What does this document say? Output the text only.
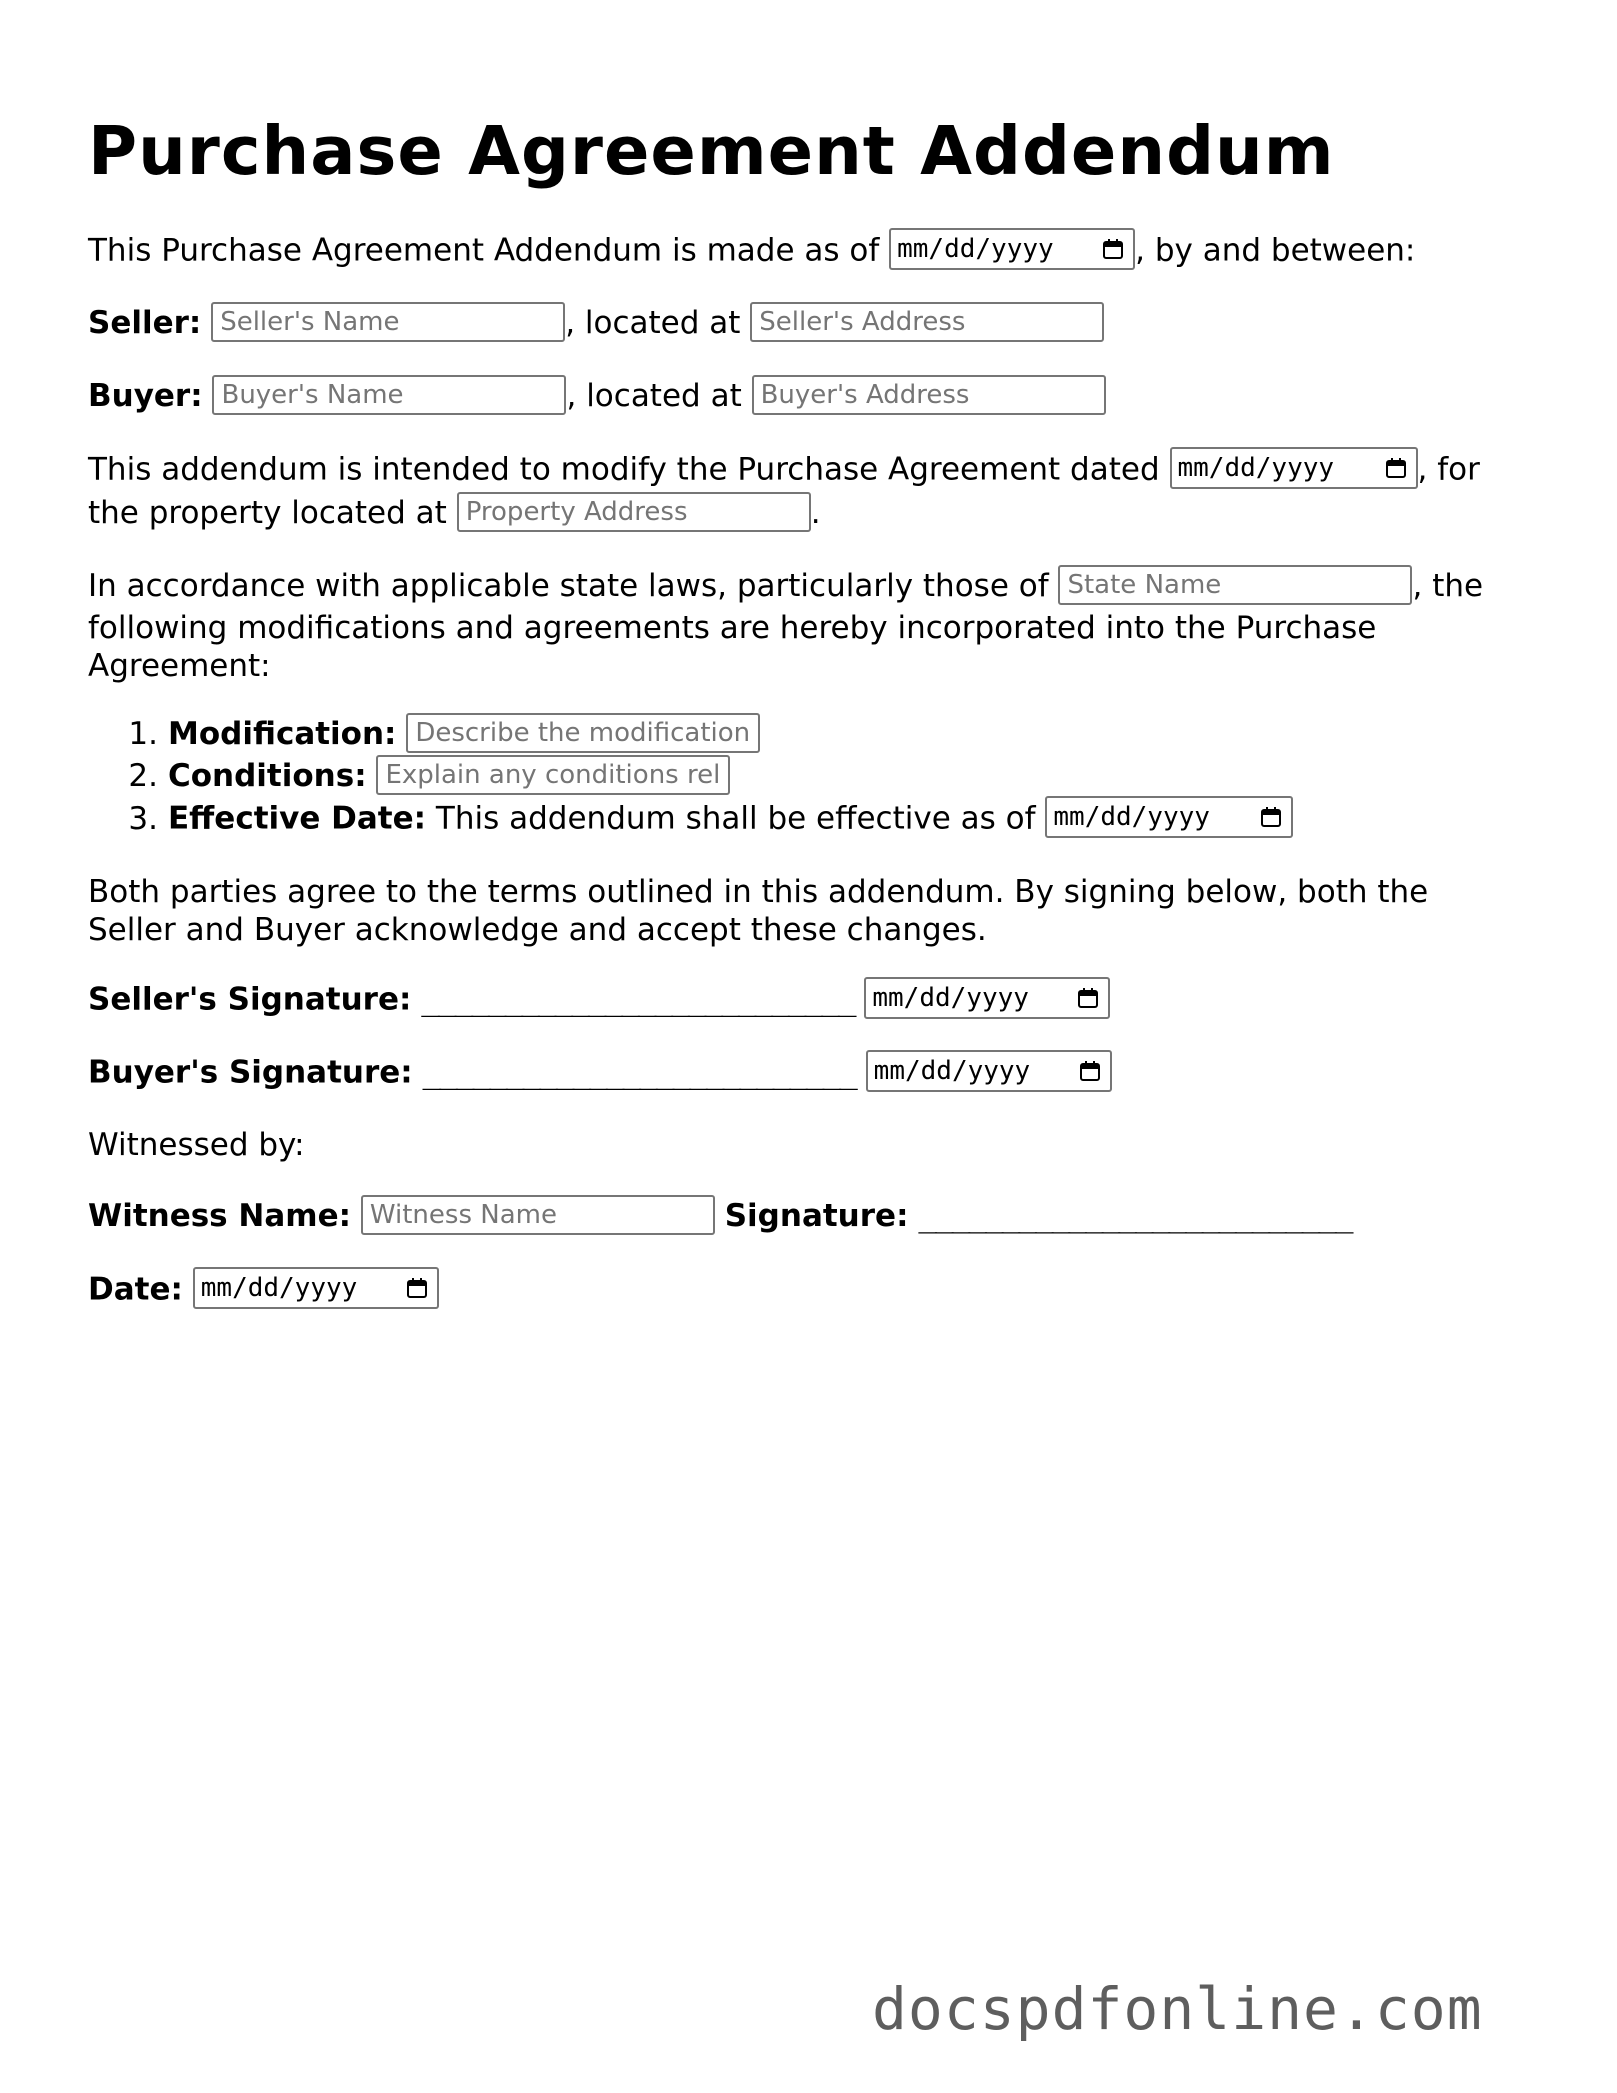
Purchase Agreement Addendum
This Purchase Agreement Addendum is made as of mm/dd/yyyy	, by and between:
Seller: Seller's Name	, located at Seller's Address
Buyer: Buyer's Name	, located at Buyer's Address
This addendum is intended to modify the Purchase Agreement dated mm/dd/yyyy	, for
the property located at Property Address	.
In accordance with applicable state laws, particularly those of State Name	, the
following modifications and agreements are hereby incorporated into the Purchase
Agreement:
1. Modification: Describe the modification
2. Conditions: Explain any conditions related
3. Effective Date: This addendum shall be effective as of mm/dd/yyyy
Both parties agree to the terms outlined in this addendum. By signing below, both the
Seller and Buyer acknowledge and accept these changes.
Seller's Signature: __________________________ mm/dd/yyyy
Buyer's Signature: __________________________ mm/dd/yyyy
Witnessed by:
Witness Name: Witness Name	Signature: __________________________
Date: mm/dd/yyyy
docspdfonline.com
